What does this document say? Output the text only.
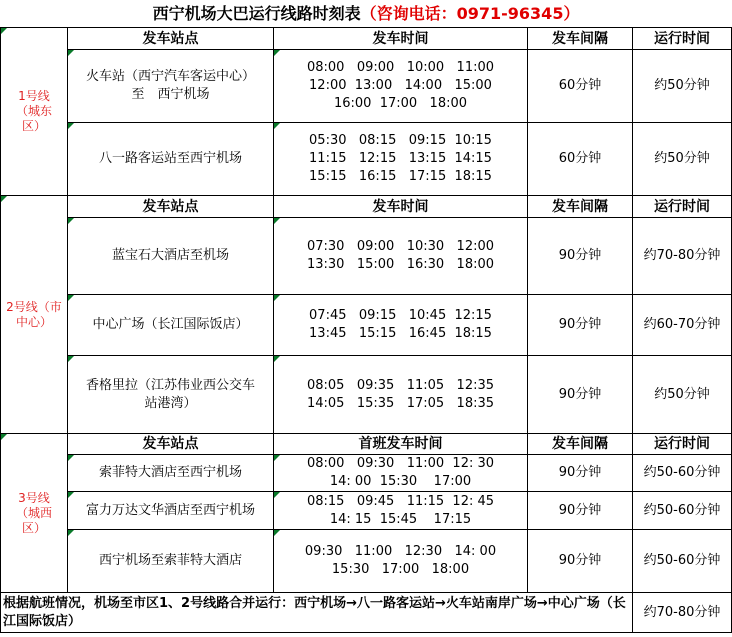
西宁机场大巴运行线路时刻表（咨询电话：0971-96345）				
1号线
（城东
区）	发车站点	发车时间	发车间隔	运行时间
	火车站（西宁汽车客运中心）
至　西宁机场	08:00   09:00   10:00   11:00
12:00  13:00   14:00   15:00
16:00  17:00   18:00	60分钟	约50分钟
	八一路客运站至西宁机场	05:30   08:15   09:15  10:15
11:15   12:15   13:15  14:15
15:15   16:15   17:15  18:15	60分钟	约50分钟
2号线（市
中心）	发车站点	发车时间	发车间隔	运行时间
	蓝宝石大酒店至机场	07:30   09:00   10:30   12:00
13:30   15:00   16:30   18:00	90分钟	约70-80分钟
	中心广场（长江国际饭店）	07:45   09:15   10:45  12:15
13:45   15:15   16:45  18:15	90分钟	约60-70分钟
	香格里拉（江苏伟业西公交车
站港湾）	08:05   09:35   11:05   12:35
14:05   15:35   17:05   18:35	90分钟	约50分钟
3号线
（城西
区）	发车站点	首班发车时间	发车间隔	运行时间
	索菲特大酒店至西宁机场	08:00   09:30   11:00  12: 30
14: 00  15:30    17:00	90分钟	约50-60分钟
	富力万达文华酒店至西宁机场	08:15   09:45   11:15  12: 45
14: 15  15:45    17:15	90分钟	约50-60分钟
	西宁机场至索菲特大酒店	09:30   11:00   12:30   14: 00
15:30   17:00   18:00	90分钟	约50-60分钟
根据航班情况，机场至市区1、2号线路合并运行：西宁机场→八一路客运站→火车站南岸广场→中心广场（长江国际饭店）				约70-80分钟
